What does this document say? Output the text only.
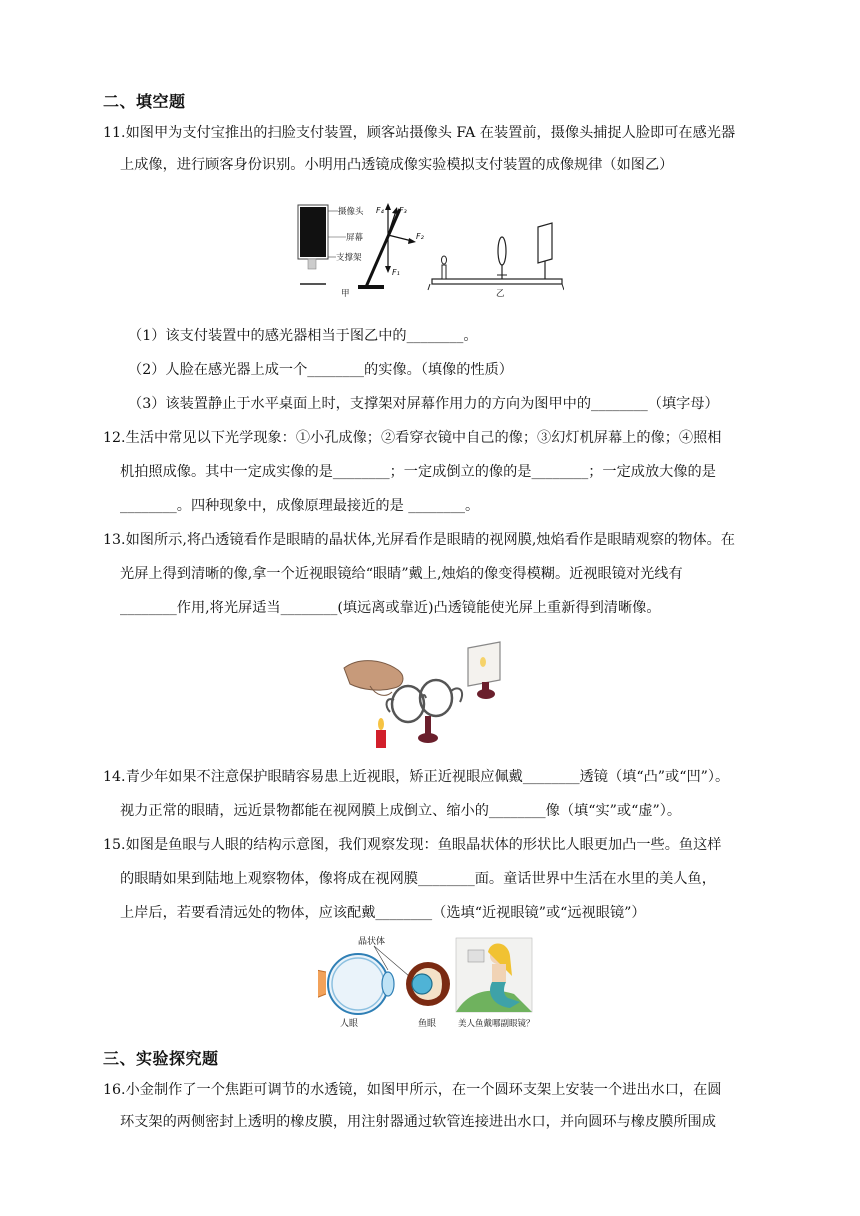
二、填空题
11.如图甲为支付宝推出的扫脸支付装置，顾客站摄像头 FA 在装置前，摄像头捕捉人脸即可在感光器
上成像，进行顾客身份识别。小明用凸透镜成像实验模拟支付装置的成像规律（如图乙）
摄像头
屏幕
支撑架
F₄ F₃
F₂
F₁
甲	乙
（1）该支付装置中的感光器相当于图乙中的________。
（2）人脸在感光器上成一个________的实像。（填像的性质）
（3）该装置静止于水平桌面上时，支撑架对屏幕作用力的方向为图甲中的________（填字母）
12.生活中常见以下光学现象：①小孔成像；②看穿衣镜中自己的像；③幻灯机屏幕上的像；④照相
机拍照成像。其中一定成实像的是________；一定成倒立的像的是________；一定成放大像的是
________。四种现象中，成像原理最接近的是 ________。
13.如图所示,将凸透镜看作是眼睛的晶状体,光屏看作是眼睛的视网膜,烛焰看作是眼睛观察的物体。在
光屏上得到清晰的像,拿一个近视眼镜给“眼睛”戴上,烛焰的像变得模糊。近视眼镜对光线有
________作用,将光屏适当________(填远离或靠近)凸透镜能使光屏上重新得到清晰像。
14.青少年如果不注意保护眼睛容易患上近视眼，矫正近视眼应佩戴________透镜（填“凸”或“凹”）。
视力正常的眼睛，远近景物都能在视网膜上成倒立、缩小的________像（填“实”或“虚”）。
15.如图是鱼眼与人眼的结构示意图，我们观察发现：鱼眼晶状体的形状比人眼更加凸一些。鱼这样
的眼睛如果到陆地上观察物体，像将成在视网膜________面。童话世界中生活在水里的美人鱼，
上岸后，若要看清远处的物体，应该配戴________（选填“近视眼镜”或“远视眼镜”）
晶状体
人眼	鱼眼	美人鱼戴哪副眼镜？
三、实验探究题
16.小金制作了一个焦距可调节的水透镜，如图甲所示，在一个圆环支架上安装一个进出水口，在圆
环支架的两侧密封上透明的橡皮膜，用注射器通过软管连接进出水口，并向圆环与橡皮膜所围成
